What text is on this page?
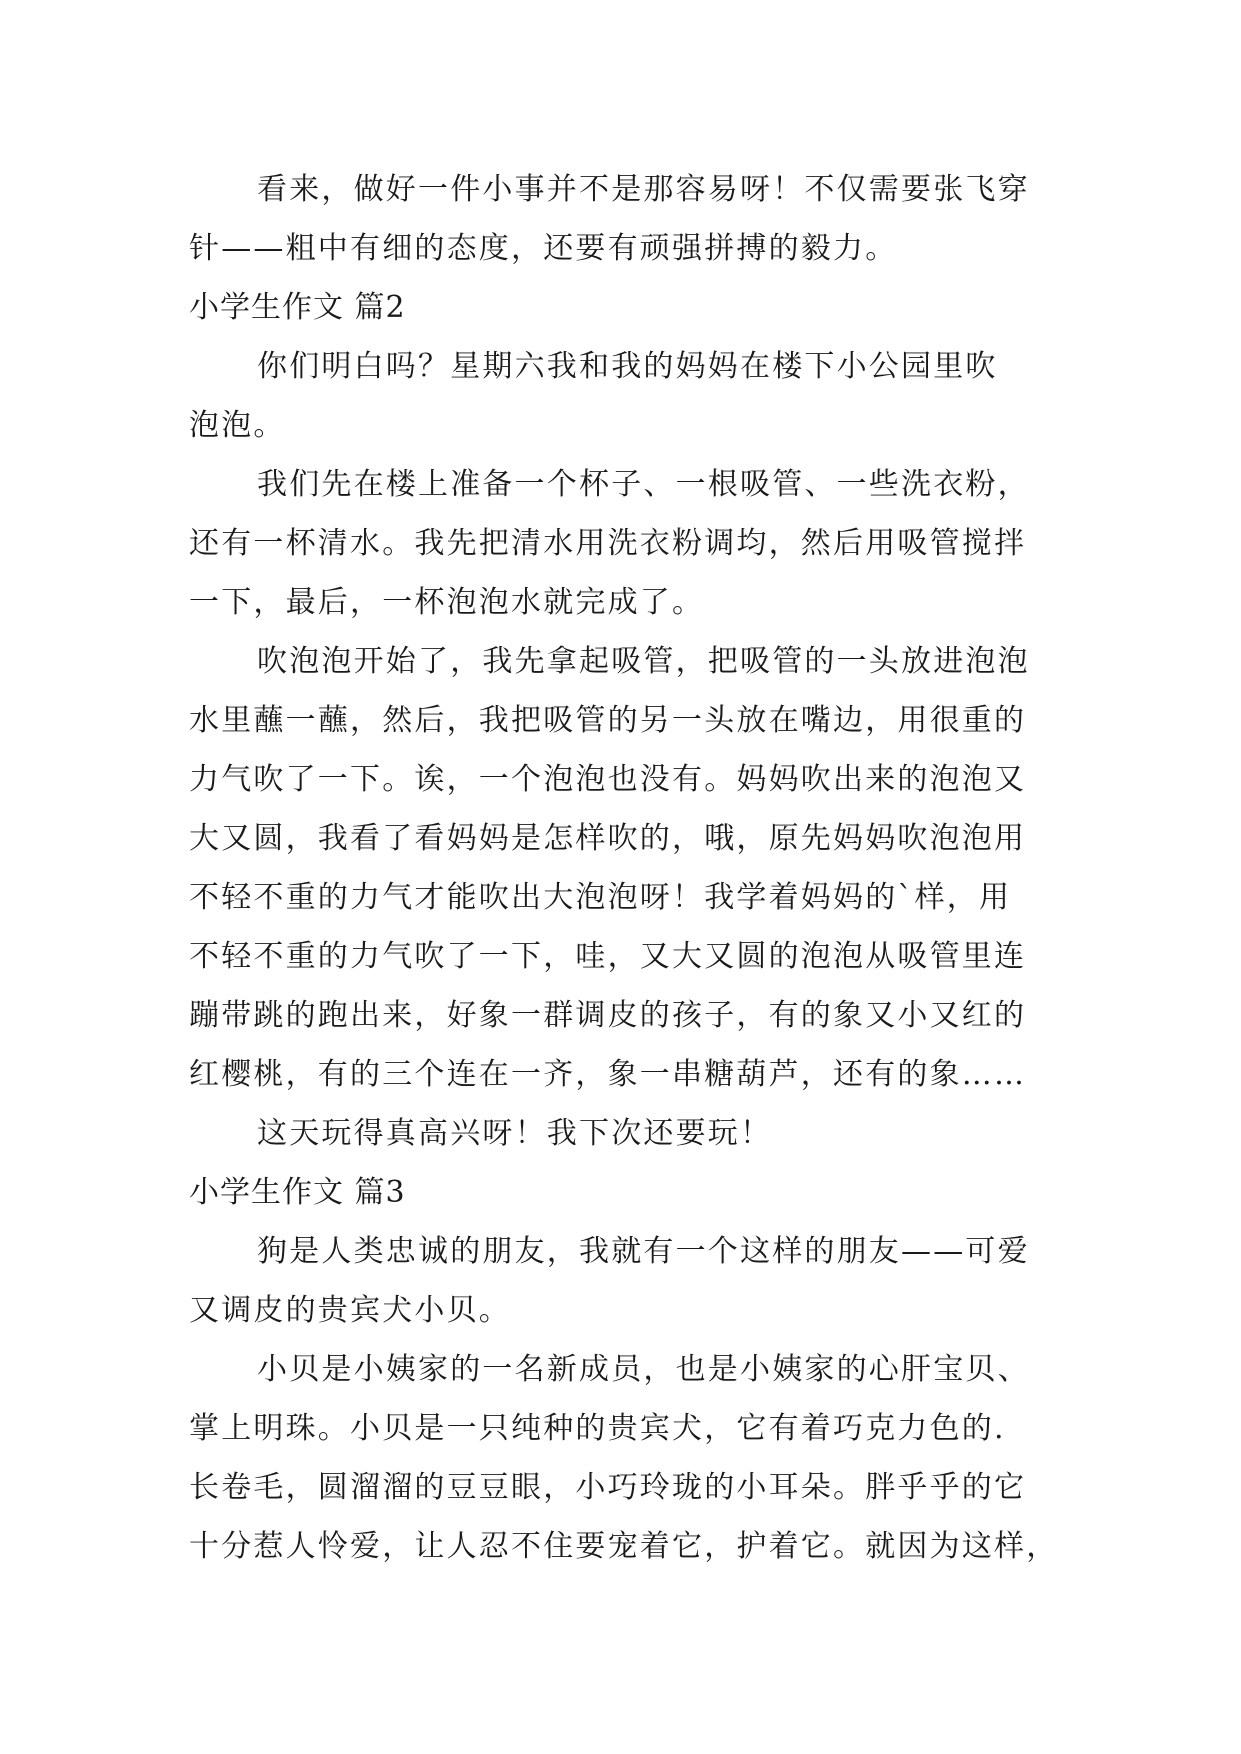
看来，做好一件小事并不是那容易呀！不仅需要张飞穿
针——粗中有细的态度，还要有顽强拼搏的毅力。
小学生作文 篇2
你们明白吗？星期六我和我的妈妈在楼下小公园里吹
泡泡。
我们先在楼上准备一个杯子、一根吸管、一些洗衣粉，
还有一杯清水。我先把清水用洗衣粉调均，然后用吸管搅拌
一下，最后，一杯泡泡水就完成了。
吹泡泡开始了，我先拿起吸管，把吸管的一头放进泡泡
水里蘸一蘸，然后，我把吸管的另一头放在嘴边，用很重的
力气吹了一下。诶，一个泡泡也没有。妈妈吹出来的泡泡又
大又圆，我看了看妈妈是怎样吹的，哦，原先妈妈吹泡泡用
不轻不重的力气才能吹出大泡泡呀！我学着妈妈的`样，用
不轻不重的力气吹了一下，哇，又大又圆的泡泡从吸管里连
蹦带跳的跑出来，好象一群调皮的孩子，有的象又小又红的
红樱桃，有的三个连在一齐，象一串糖葫芦，还有的象……
这天玩得真高兴呀！我下次还要玩！
小学生作文 篇3
狗是人类忠诚的朋友，我就有一个这样的朋友——可爱
又调皮的贵宾犬小贝。
小贝是小姨家的一名新成员，也是小姨家的心肝宝贝、
掌上明珠。小贝是一只纯种的贵宾犬，它有着巧克力色的.
长卷毛，圆溜溜的豆豆眼，小巧玲珑的小耳朵。胖乎乎的它
十分惹人怜爱，让人忍不住要宠着它，护着它。就因为这样，
